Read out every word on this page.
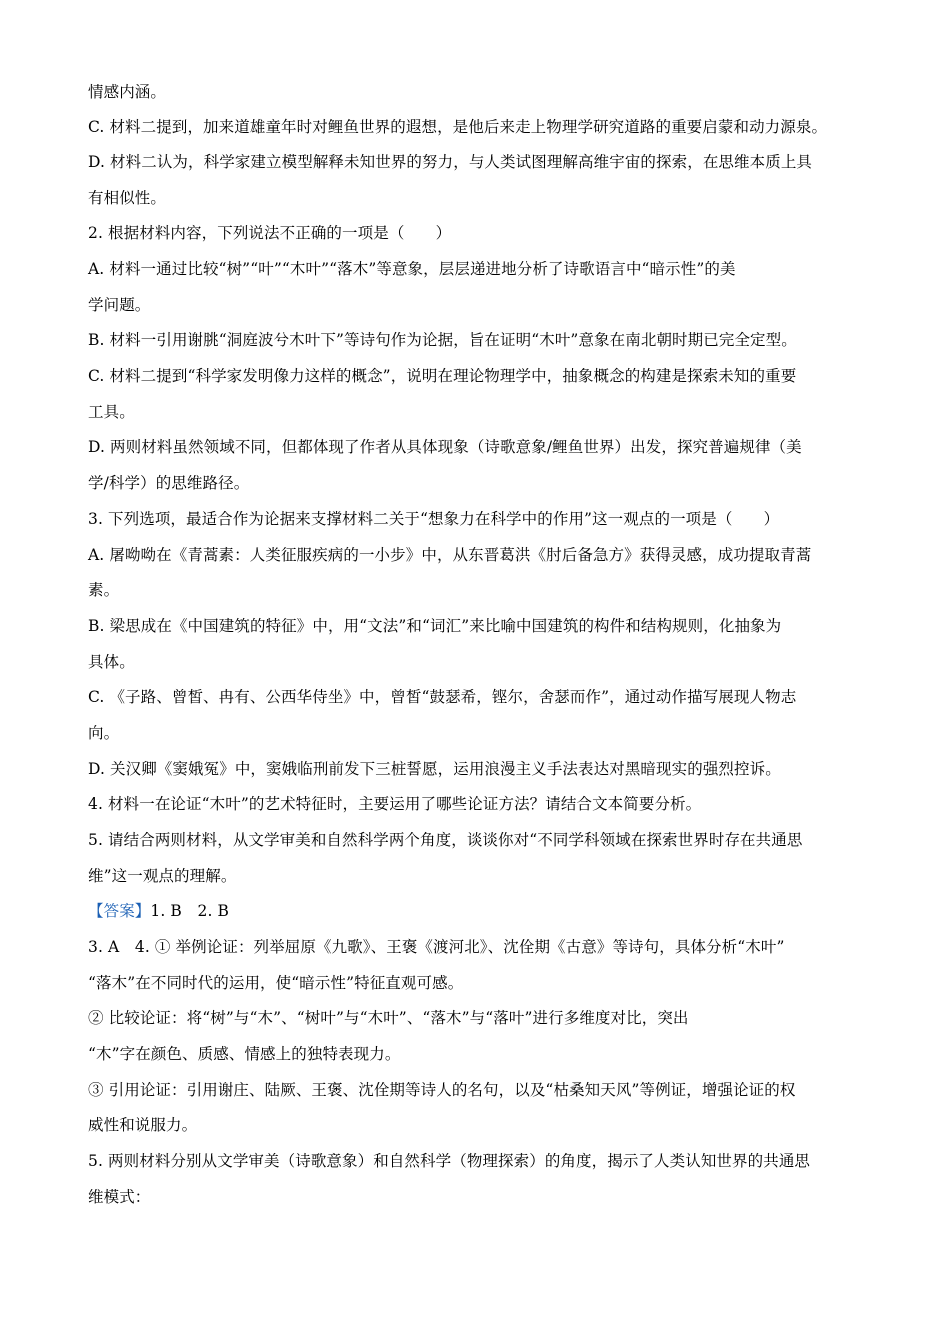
情感内涵。
C. 材料二提到，加来道雄童年时对鲤鱼世界的遐想，是他后来走上物理学研究道路的重要启蒙和动力源泉。
D. 材料二认为，科学家建立模型解释未知世界的努力，与人类试图理解高维宇宙的探索，在思维本质上具
有相似性。
2. 根据材料内容，下列说法不正确的一项是（　　）
A. 材料一通过比较“树”“叶”“木叶”“落木”等意象，层层递进地分析了诗歌语言中“暗示性”的美
学问题。
B. 材料一引用谢朓“洞庭波兮木叶下”等诗句作为论据，旨在证明“木叶”意象在南北朝时期已完全定型。
C. 材料二提到“科学家发明像力这样的概念”，说明在理论物理学中，抽象概念的构建是探索未知的重要
工具。
D. 两则材料虽然领域不同，但都体现了作者从具体现象（诗歌意象/鲤鱼世界）出发，探究普遍规律（美
学/科学）的思维路径。
3. 下列选项，最适合作为论据来支撑材料二关于“想象力在科学中的作用”这一观点的一项是（　　）
A. 屠呦呦在《青蒿素：人类征服疾病的一小步》中，从东晋葛洪《肘后备急方》获得灵感，成功提取青蒿
素。
B. 梁思成在《中国建筑的特征》中，用“文法”和“词汇”来比喻中国建筑的构件和结构规则，化抽象为
具体。
C. 《子路、曾皙、冉有、公西华侍坐》中，曾皙“鼓瑟希，铿尔，舍瑟而作”，通过动作描写展现人物志
向。
D. 关汉卿《窦娥冤》中，窦娥临刑前发下三桩誓愿，运用浪漫主义手法表达对黑暗现实的强烈控诉。
4. 材料一在论证“木叶”的艺术特征时，主要运用了哪些论证方法？请结合文本简要分析。
5. 请结合两则材料，从文学审美和自然科学两个角度，谈谈你对“不同学科领域在探索世界时存在共通思
维”这一观点的理解。
【答案】1. B　2. B
3. A　4. ① 举例论证：列举屈原《九歌》、王褒《渡河北》、沈佺期《古意》等诗句，具体分析“木叶”
“落木”在不同时代的运用，使“暗示性”特征直观可感。
② 比较论证：将“树”与“木”、“树叶”与“木叶”、“落木”与“落叶”进行多维度对比，突出
“木”字在颜色、质感、情感上的独特表现力。
③ 引用论证：引用谢庄、陆厥、王褒、沈佺期等诗人的名句，以及“枯桑知天风”等例证，增强论证的权
威性和说服力。
5. 两则材料分别从文学审美（诗歌意象）和自然科学（物理探索）的角度，揭示了人类认知世界的共通思
维模式：
